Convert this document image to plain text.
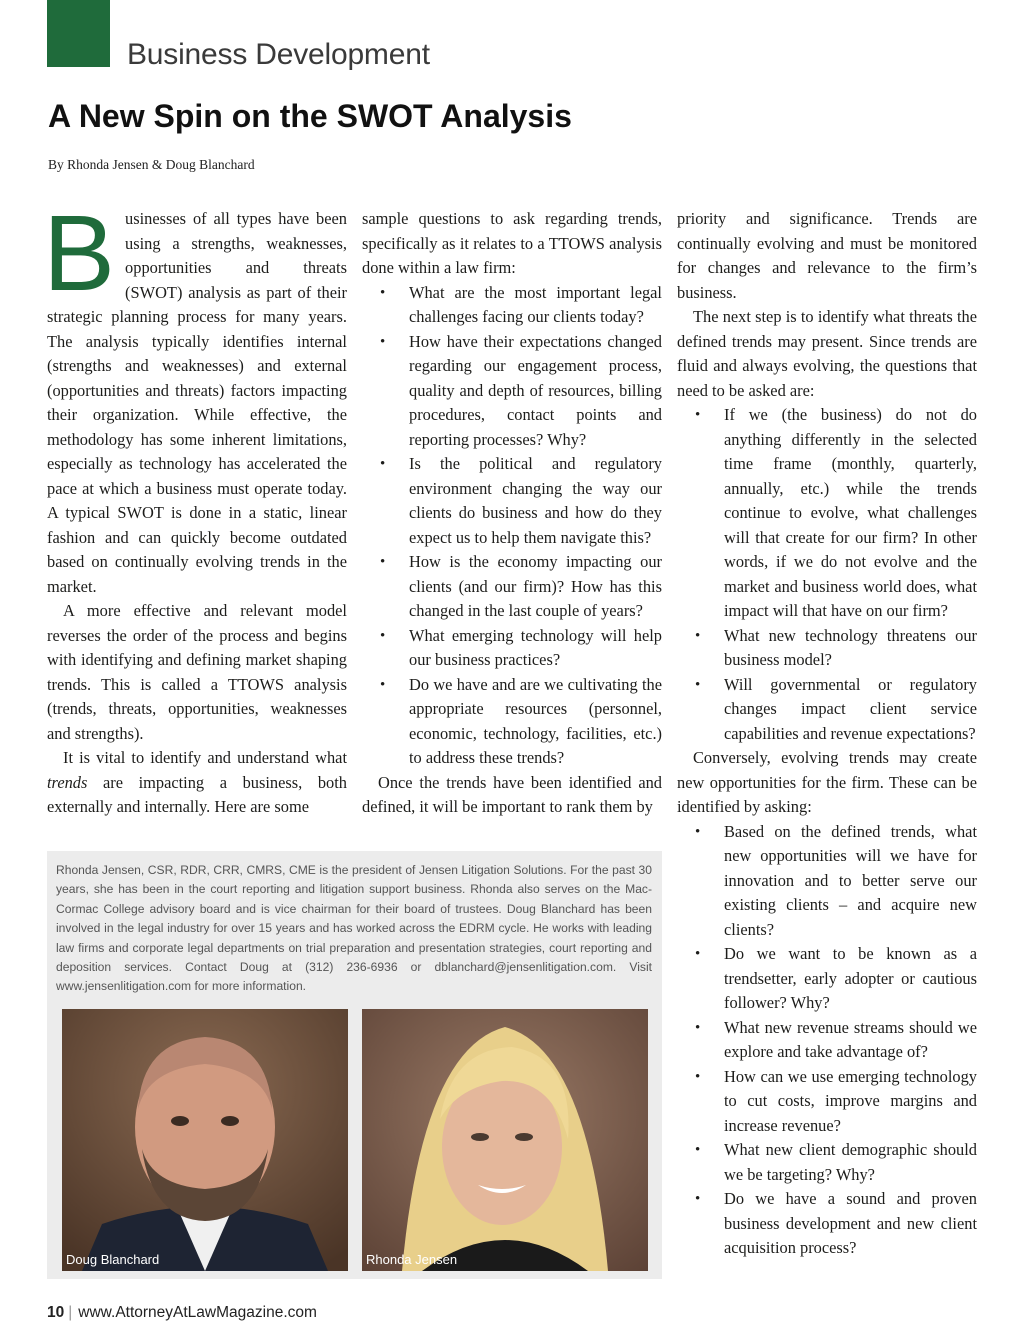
Business Development
A New Spin on the SWOT Analysis
By Rhonda Jensen & Doug Blanchard

Businesses of all types have been using a strengths, weaknesses, opportunities and threats (SWOT) analysis as part of their strategic planning process for many years. The analysis typically identifies internal (strengths and weaknesses) and external (opportunities and threats) factors impacting their organization. While effective, the methodology has some inherent limitations, especially as technology has accelerated the pace at which a business must operate today. A typical SWOT is done in a static, linear fashion and can quickly become outdated based on continually evolving trends in the market.

A more effective and relevant model reverses the order of the process and begins with identifying and defining market shaping trends. This is called a TTOWS analysis (trends, threats, opportunities, weaknesses and strengths).

It is vital to identify and understand what trends are impacting a business, both externally and internally. Here are some

sample questions to ask regarding trends, specifically as it relates to a TTOWS analysis done within a law firm:

• What are the most important legal challenges facing our clients today?
• How have their expectations changed regarding our engagement process, quality and depth of resources, billing procedures, contact points and reporting processes? Why?
• Is the political and regulatory environment changing the way our clients do business and how do they expect us to help them navigate this?
• How is the economy impacting our clients (and our firm)? How has this changed in the last couple of years?
• What emerging technology will help our business practices?
• Do we have and are we cultivating the appropriate resources (personnel, economic, technology, facilities, etc.) to address these trends?

Once the trends have been identified and defined, it will be important to rank them by

priority and significance. Trends are continually evolving and must be monitored for changes and relevance to the firm’s business.

The next step is to identify what threats the defined trends may present. Since trends are fluid and always evolving, the questions that need to be asked are:

• If we (the business) do not do anything differently in the selected time frame (monthly, quarterly, annually, etc.) while the trends continue to evolve, what challenges will that create for our firm? In other words, if we do not evolve and the market and business world does, what impact will that have on our firm?
• What new technology threatens our business model?
• Will governmental or regulatory changes impact client service capabilities and revenue expectations?

Conversely, evolving trends may create new opportunities for the firm. These can be identified by asking:

• Based on the defined trends, what new opportunities will we have for innovation and to better serve our existing clients – and acquire new clients?
• Do we want to be known as a trendsetter, early adopter or cautious follower? Why?
• What new revenue streams should we explore and take advantage of?
• How can we use emerging technology to cut costs, improve margins and increase revenue?
• What new client demographic should we be targeting? Why?
• Do we have a sound and proven business development and new client acquisition process?
Rhonda Jensen, CSR, RDR, CRR, CMRS, CME is the president of Jensen Litigation Solutions. For the past 30 years, she has been in the court reporting and litigation support business. Rhonda also serves on the Mac-Cormac College advisory board and is vice chairman for their board of trustees. Doug Blanchard has been involved in the legal industry for over 15 years and has worked across the EDRM cycle. He works with leading law firms and corporate legal departments on trial preparation and presentation strategies, court reporting and deposition services. Contact Doug at (312) 236-6936 or dblanchard@jensenlitigation.com. Visit www.jensenlitigation.com for more information.
Doug Blanchard	Rhonda Jensen
10 | www.AttorneyAtLawMagazine.com
